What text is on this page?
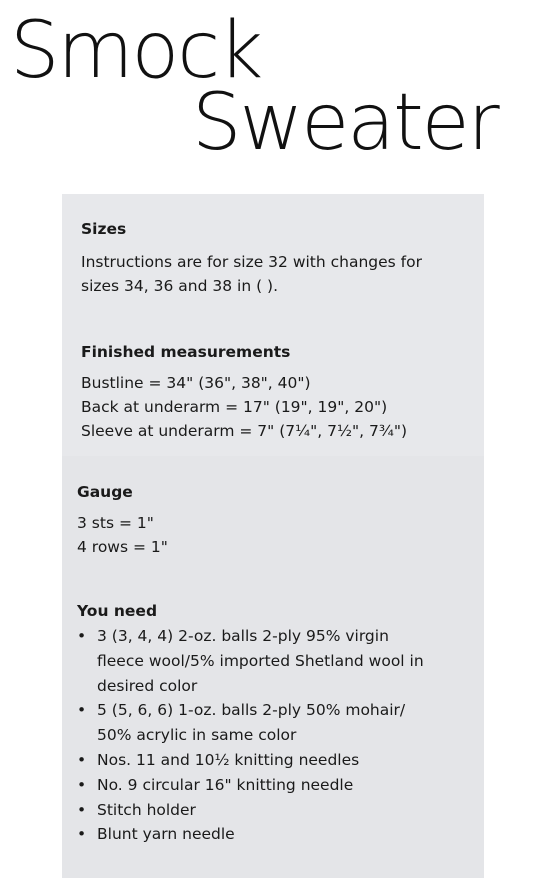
Smock
Sweater
Sizes
Instructions are for size 32 with changes for
sizes 34, 36 and 38 in ( ).
Finished measurements
Bustline = 34" (36", 38", 40")
Back at underarm = 17" (19", 19", 20")
Sleeve at underarm = 7" (7¼", 7½", 7¾")
Gauge
3 sts = 1"
4 rows = 1"
You need
• 3 (3, 4, 4) 2-oz. balls 2-ply 95% virgin
fleece wool/5% imported Shetland wool in
desired color
• 5 (5, 6, 6) 1-oz. balls 2-ply 50% mohair/
50% acrylic in same color
• Nos. 11 and 10½ knitting needles
• No. 9 circular 16" knitting needle
• Stitch holder
• Blunt yarn needle
